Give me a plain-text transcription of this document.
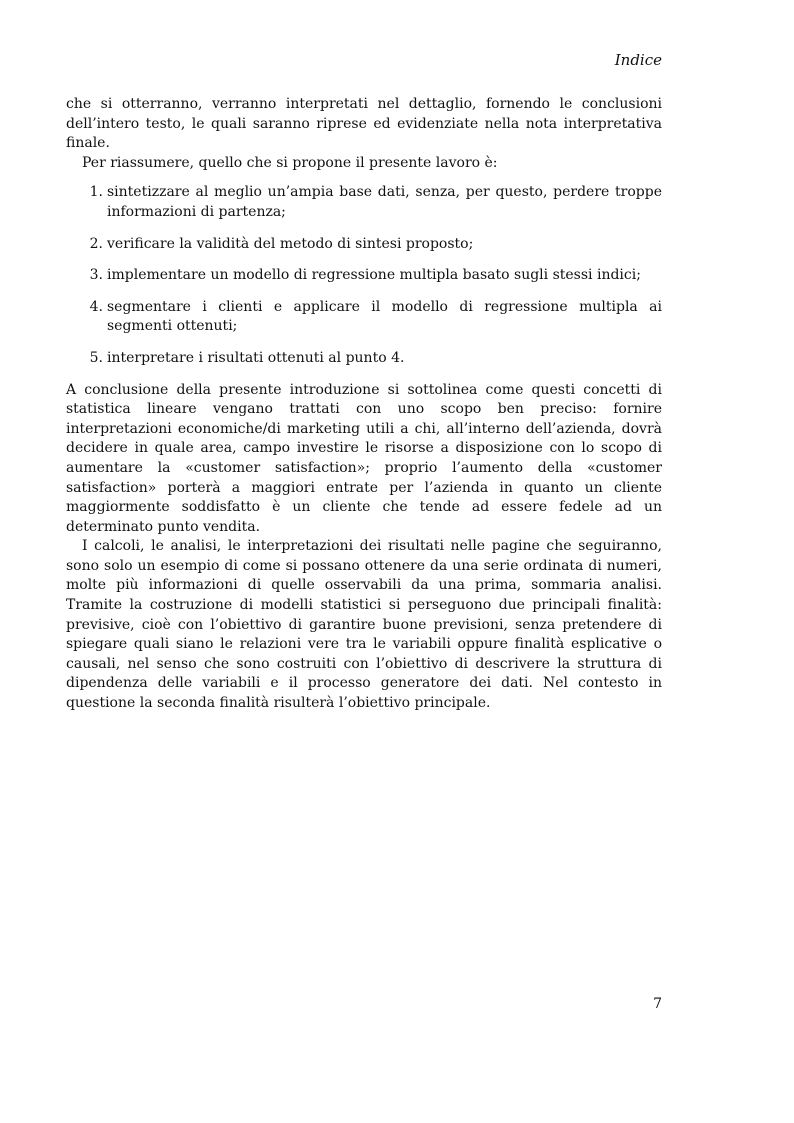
Indice

che si otterranno, verranno interpretati nel dettaglio, fornendo le conclusioni dell’intero testo, le quali saranno riprese ed evidenziate nella nota interpretativa finale.

Per riassumere, quello che si propone il presente lavoro è:

1. sintetizzare al meglio un’ampia base dati, senza, per questo, perdere troppe informazioni di partenza;
2. verificare la validità del metodo di sintesi proposto;
3. implementare un modello di regressione multipla basato sugli stessi indici;
4. segmentare i clienti e applicare il modello di regressione multipla ai segmenti ottenuti;
5. interpretare i risultati ottenuti al punto 4.

A conclusione della presente introduzione si sottolinea come questi concetti di statistica lineare vengano trattati con uno scopo ben preciso: fornire interpretazioni economiche/di marketing utili a chi, all’interno dell’azienda, dovrà decidere in quale area, campo investire le risorse a disposizione con lo scopo di aumentare la «customer satisfaction»; proprio l’aumento della «customer satisfaction» porterà a maggiori entrate per l’azienda in quanto un cliente maggiormente soddisfatto è un cliente che tende ad essere fedele ad un determinato punto vendita.

I calcoli, le analisi, le interpretazioni dei risultati nelle pagine che seguiranno, sono solo un esempio di come si possano ottenere da una serie ordinata di numeri, molte più informazioni di quelle osservabili da una prima, sommaria analisi. Tramite la costruzione di modelli statistici si perseguono due principali finalità: previsive, cioè con l’obiettivo di garantire buone previsioni, senza pretendere di spiegare quali siano le relazioni vere tra le variabili oppure finalità esplicative o causali, nel senso che sono costruiti con l’obiettivo di descrivere la struttura di dipendenza delle variabili e il processo generatore dei dati. Nel contesto in questione la seconda finalità risulterà l’obiettivo principale.

7
